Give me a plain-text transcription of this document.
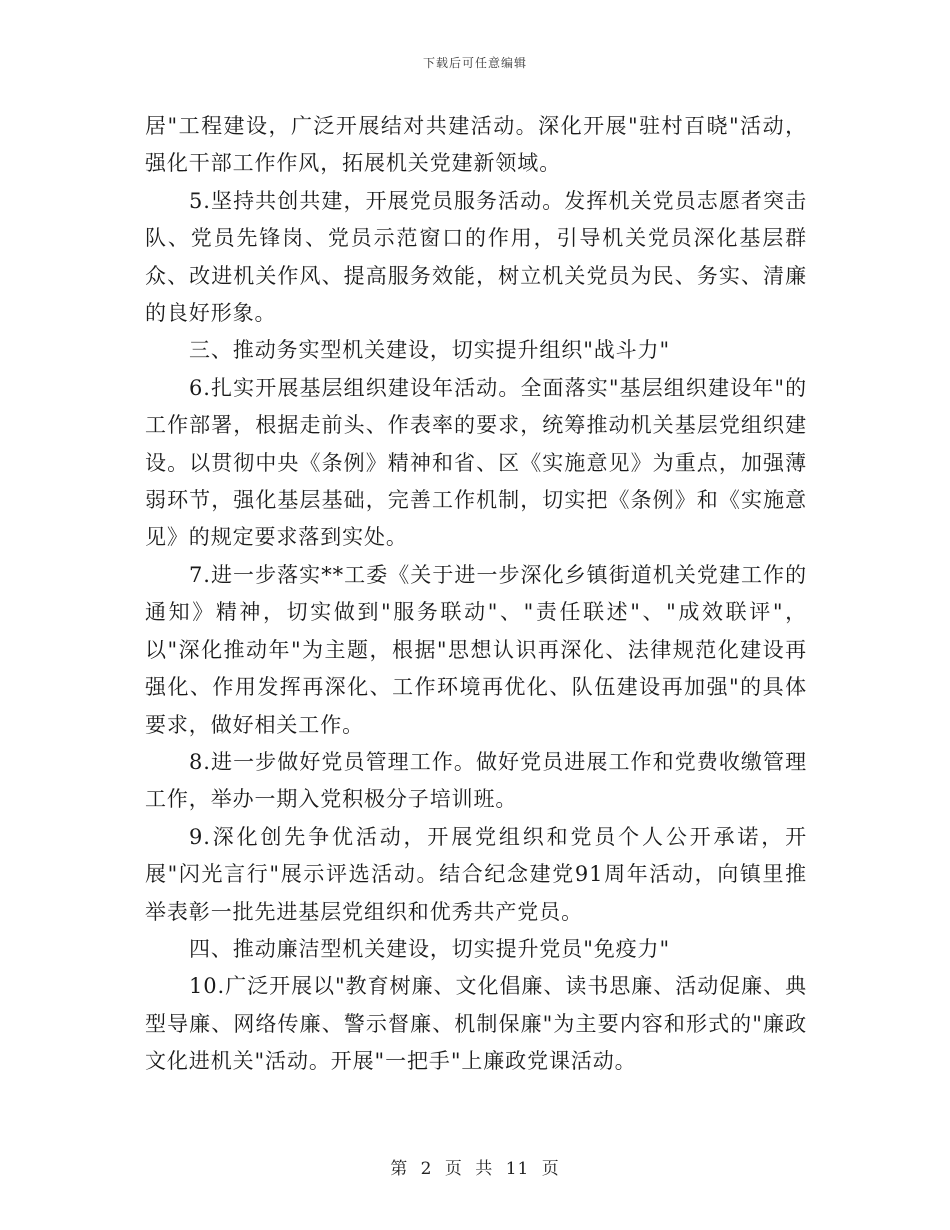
下载后可任意编辑

居"工程建设，广泛开展结对共建活动。深化开展"驻村百晓"活动，强化干部工作作风，拓展机关党建新领域。

5.坚持共创共建，开展党员服务活动。发挥机关党员志愿者突击队、党员先锋岗、党员示范窗口的作用，引导机关党员深化基层群众、改进机关作风、提高服务效能，树立机关党员为民、务实、清廉的良好形象。

三、推动务实型机关建设，切实提升组织"战斗力"

6.扎实开展基层组织建设年活动。全面落实"基层组织建设年"的工作部署，根据走前头、作表率的要求，统筹推动机关基层党组织建设。以贯彻中央《条例》精神和省、区《实施意见》为重点，加强薄弱环节，强化基层基础，完善工作机制，切实把《条例》和《实施意见》的规定要求落到实处。

7.进一步落实**工委《关于进一步深化乡镇街道机关党建工作的通知》精神，切实做到"服务联动"、"责任联述"、"成效联评"，以"深化推动年"为主题，根据"思想认识再深化、法律规范化建设再强化、作用发挥再深化、工作环境再优化、队伍建设再加强"的具体要求，做好相关工作。

8.进一步做好党员管理工作。做好党员进展工作和党费收缴管理工作，举办一期入党积极分子培训班。

9.深化创先争优活动，开展党组织和党员个人公开承诺，开展"闪光言行"展示评选活动。结合纪念建党91周年活动，向镇里推举表彰一批先进基层党组织和优秀共产党员。

四、推动廉洁型机关建设，切实提升党员"免疫力"

10.广泛开展以"教育树廉、文化倡廉、读书思廉、活动促廉、典型导廉、网络传廉、警示督廉、机制保廉"为主要内容和形式的"廉政文化进机关"活动。开展"一把手"上廉政党课活动。

第 2 页 共 11 页
